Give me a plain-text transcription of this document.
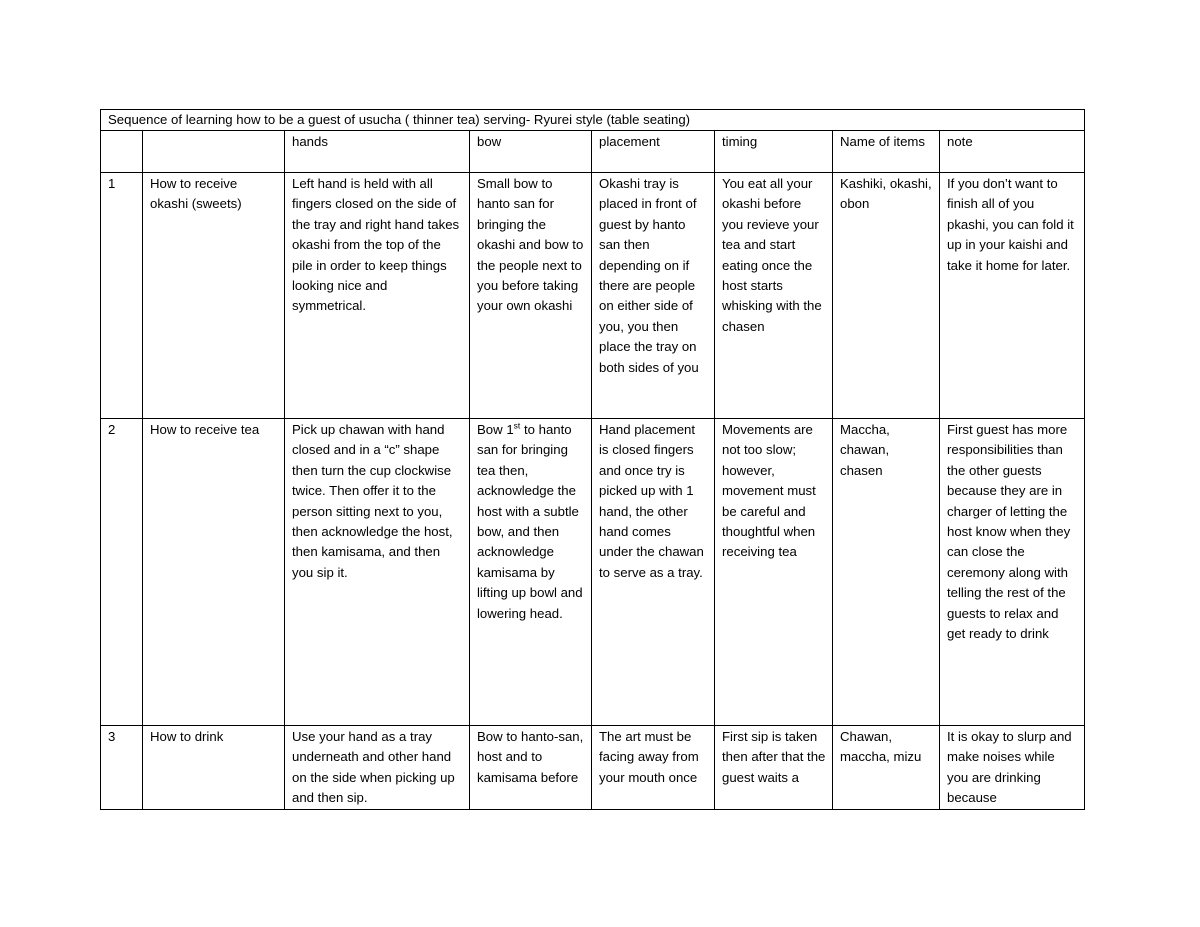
Sequence of learning how to be a guest of usucha ( thinner tea) serving- Ryurei style (table seating)							
		hands	bow	placement	timing	Name of items	note
1	How to receive okashi (sweets)	Left hand is held with all fingers closed on the side of the tray and right hand takes okashi from the top of the pile in order to keep things looking nice and symmetrical.	Small bow to hanto san for bringing the okashi and bow to the people next to you before taking your own okashi	Okashi tray is placed in front of guest by hanto san then depending on if there are people on either side of you, you then place the tray on both sides of you	You eat all your okashi before you revieve your tea and start eating once the host starts whisking with the chasen	Kashiki, okashi, obon	If you don’t want to finish all of you pkashi, you can fold it up in your kaishi and take it home for later.
2	How to receive tea	Pick up chawan with hand closed and in a “c” shape then turn the cup clockwise twice. Then offer it to the person sitting next to you, then acknowledge the host, then kamisama, and then you sip it.	Bow 1st to hanto san for bringing tea then, acknowledge the host with a subtle bow, and then acknowledge kamisama by lifting up bowl and lowering head.	Hand placement is closed fingers and once try is picked up with 1 hand, the other hand comes under the chawan to serve as a tray.	Movements are not too slow; however, movement must be careful and thoughtful when receiving tea	Maccha, chawan, chasen	First guest has more responsibilities than the other guests because they are in charger of letting the host know when they can close the ceremony along with telling the rest of the guests to relax and get ready to drink
3	How to drink	Use your hand as a tray underneath and other hand on the side when picking up and then sip.	Bow to hanto-san, host and to kamisama before	The art must be facing away from your mouth once	First sip is taken then after that the guest waits a	Chawan, maccha, mizu	It is okay to slurp and make noises while you are drinking because
